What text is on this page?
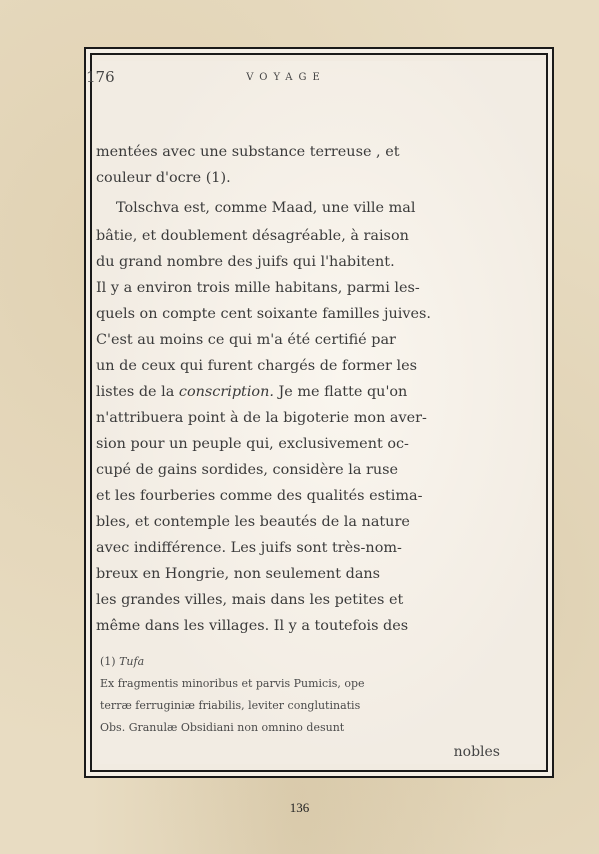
176	VOYAGE
mentées avec une substance terreuse , et
couleur d'ocre (1).
Tolschva est, comme Maad, une ville mal
bâtie, et doublement désagréable, à raison
du grand nombre des juifs qui l'habitent.
Il y a environ trois mille habitans, parmi les-
quels on compte cent soixante familles juives.
C'est au moins ce qui m'a été certifié par
un de ceux qui furent chargés de former les
listes de la conscription. Je me flatte qu'on
n'attribuera point à de la bigoterie mon aver-
sion pour un peuple qui, exclusivement oc-
cupé de gains sordides, considère la ruse
et les fourberies comme des qualités estima-
bles, et contemple les beautés de la nature
avec indifférence. Les juifs sont très-nom-
breux en Hongrie, non seulement dans
les grandes villes, mais dans les petites et
même dans les villages. Il y a toutefois des
(1) Tufa
Ex fragmentis minoribus et parvis Pumicis, ope
terræ ferruginiæ friabilis, leviter conglutinatis
Obs. Granulæ Obsidiani non omnino desunt
nobles
136
